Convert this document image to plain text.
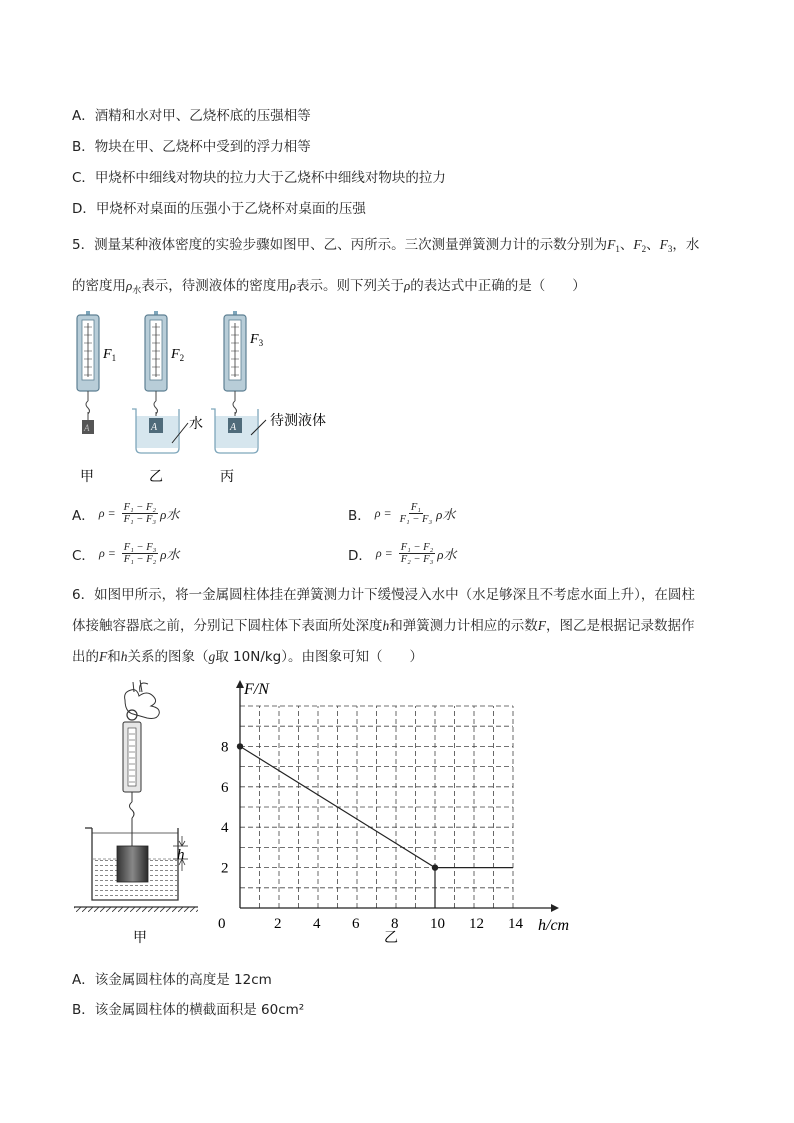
A．酒精和水对甲、乙烧杯底的压强相等
B．物块在甲、乙烧杯中受到的浮力相等
C．甲烧杯中细线对物块的拉力大于乙烧杯中细线对物块的拉力
D．甲烧杯对桌面的压强小于乙烧杯对桌面的压强
5．测量某种液体密度的实验步骤如图甲、乙、丙所示。三次测量弹簧测力计的示数分别为$F_1$、$F_2$、$F_3$，水
的密度用$\rho_水$表示，待测液体的密度用ρ表示。则下列关于ρ的表达式中正确的是（　　）
A
$F_1$
甲
A 水
$F_2$
乙
A 待测液体
$F_3$
丙
A． $\rho = \frac{\text{F₁ − F₂}}{\text{F₁ − F₃}}$ ρ水	B． $\rho = \frac{\text{F₁}}{\text{F₁ − F₃}}$ ρ水
C． $\rho = \frac{\text{F₁ − F₃}}{\text{F₁ − F₂}}$ ρ水	D． $\rho = \frac{\text{F₁ − F₂}}{\text{F₂ − F₃}}$ ρ水
6．如图甲所示，将一金属圆柱体挂在弹簧测力计下缓慢浸入水中（水足够深且不考虑水面上升），在圆柱
体接触容器底之前，分别记下圆柱体下表面所处深度h和弹簧测力计相应的示数F，图乙是根据记录数据作
出的F和h关系的图象（g取 10N/kg）。由图象可知（　　）
h
甲
0	2 4 6 8 10 12 14
2
4
6
8
h/cm
F/N
乙
A．该金属圆柱体的高度是 12cm
B．该金属圆柱体的横截面积是 60cm²
